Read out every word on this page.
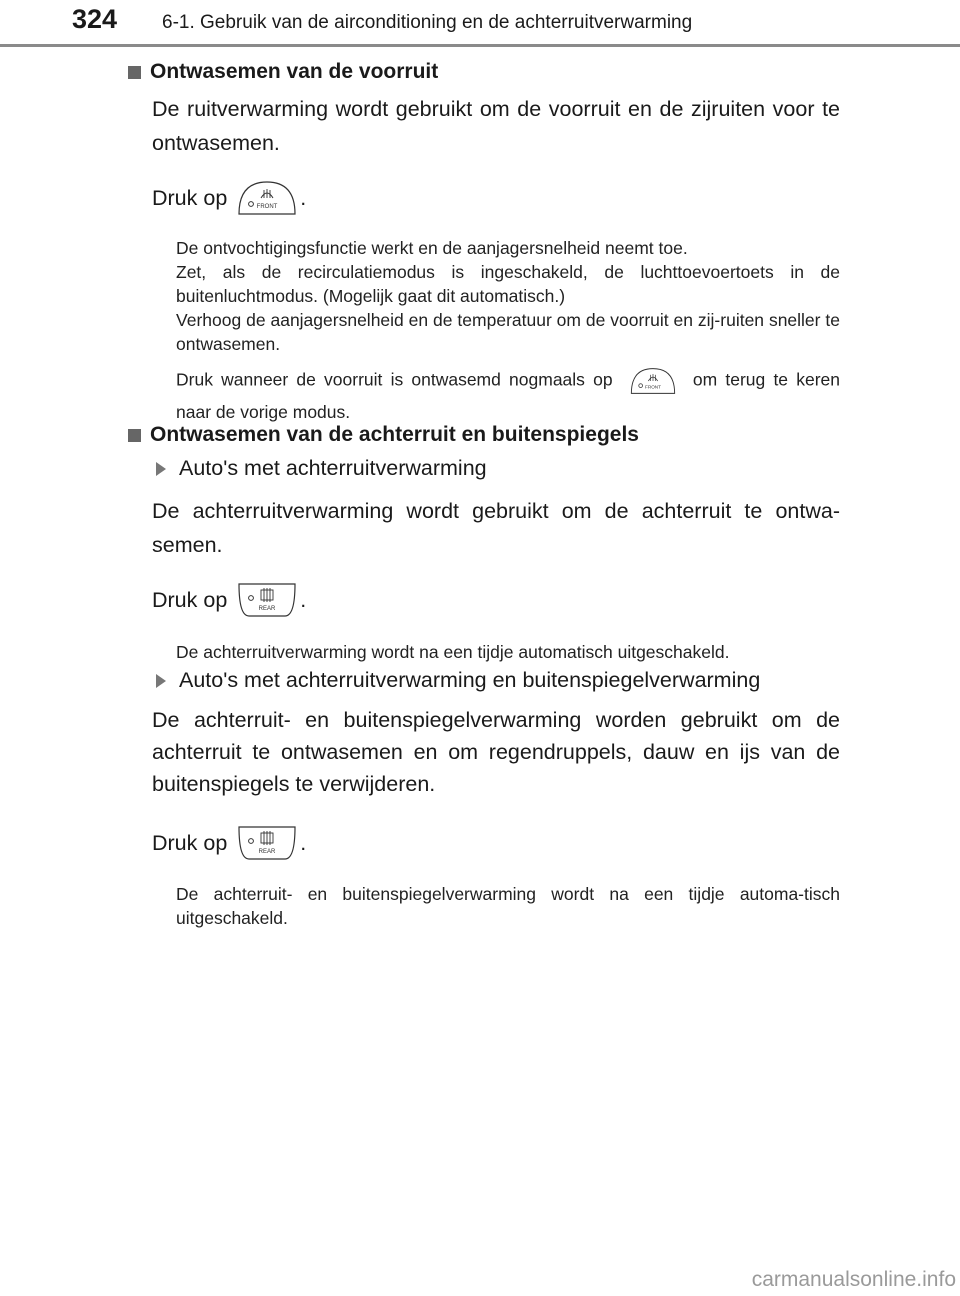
324 6-1. Gebruik van de airconditioning en de achterruitverwarming
Ontwasemen van de voorruit
De ruitverwarming wordt gebruikt om de voorruit en de zijruiten voor te ontwasemen.
Druk op	FRONT .

De ontvochtigingsfunctie werkt en de aanjagersnelheid neemt toe.

Zet, als de recirculatiemodus is ingeschakeld, de luchttoevoertoets in de buitenluchtmodus. (Mogelijk gaat dit automatisch.)

Verhoog de aanjagersnelheid en de temperatuur om de voorruit en zij-ruiten sneller te ontwasemen.

Druk wanneer de voorruit is ontwasemd nogmaals op	FRONT om terug te keren naar de vorige modus.
Ontwasemen van de achterruit en buitenspiegels
Auto's met achterruitverwarming
De achterruitverwarming wordt gebruikt om de achterruit te ontwa-semen.
Druk op	REAR .
De achterruitverwarming wordt na een tijdje automatisch uitgeschakeld.
Auto's met achterruitverwarming en buitenspiegelverwarming
De achterruit- en buitenspiegelverwarming worden gebruikt om de achterruit te ontwasemen en om regendruppels, dauw en ijs van de buitenspiegels te verwijderen.
Druk op	REAR .
De achterruit- en buitenspiegelverwarming wordt na een tijdje automa-tisch uitgeschakeld.
carmanualsonline.info
